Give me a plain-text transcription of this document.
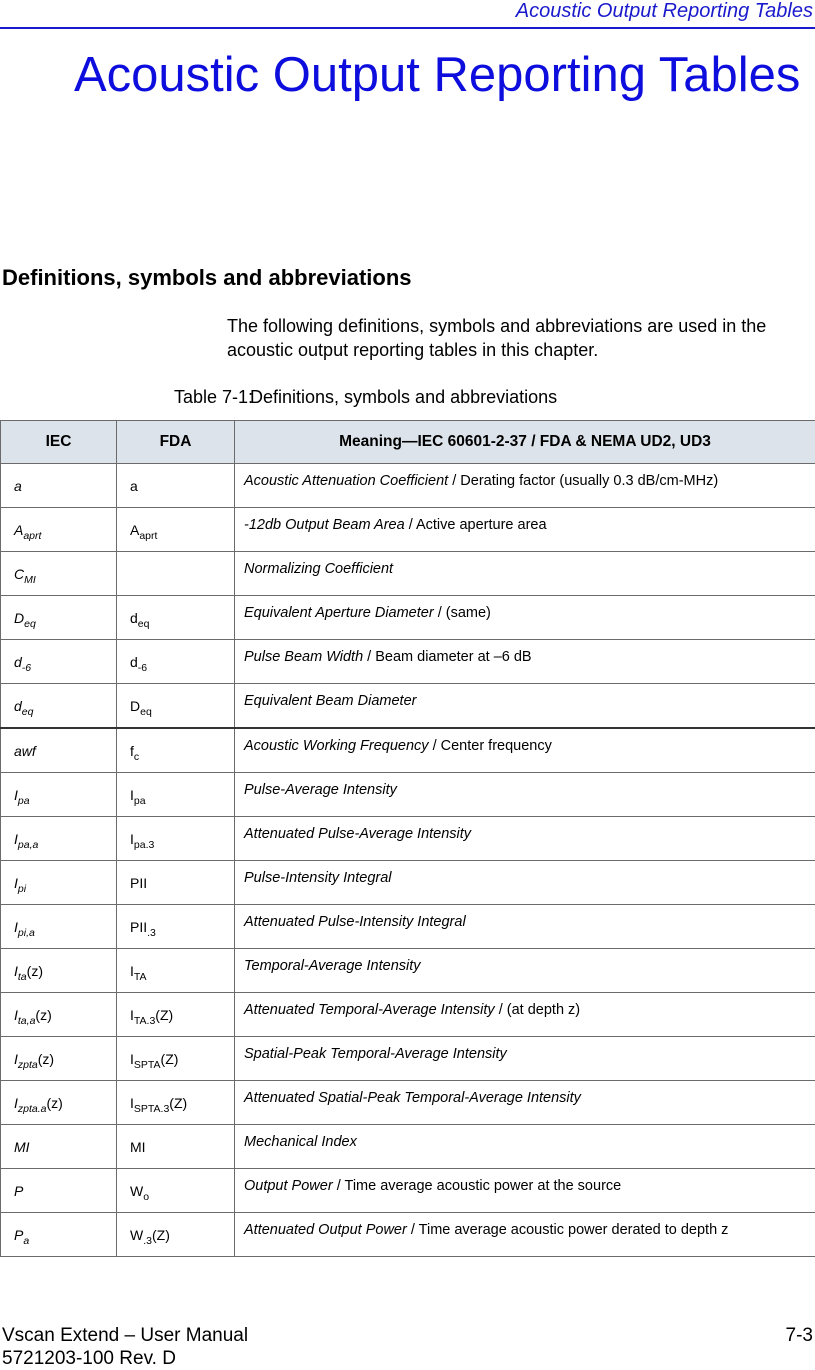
Acoustic Output Reporting Tables
Acoustic Output Reporting Tables
Definitions, symbols and abbreviations

The following definitions, symbols and abbreviations are used in the acoustic output reporting tables in this chapter.

Table 7-1:Definitions, symbols and abbreviations
IEC	FDA	Meaning—IEC 60601-2-37 / FDA & NEMA UD2, UD3

a	a	Acoustic Attenuation Coefficient / Derating factor (usually 0.3 dB/cm-MHz)

$A_{aprt}$	$A_{aprt}$	-12db Output Beam Area / Active aperture area

$C_{MI}$		Normalizing Coefficient

$D_{eq}$	$d_{eq}$	Equivalent Aperture Diameter / (same)

$d_{-6}$	$d_{-6}$	Pulse Beam Width / Beam diameter at –6 dB

$d_{eq}$	$D_{eq}$	Equivalent Beam Diameter

awf	$f_c$	Acoustic Working Frequency / Center frequency

$I_{pa}$	$I_{pa}$	Pulse-Average Intensity

$I_{pa,a}$	$I_{pa.3}$	Attenuated Pulse-Average Intensity

$I_{pi}$	PII	Pulse-Intensity Integral

$I_{pi,a}$	$PII_{.3}$	Attenuated Pulse-Intensity Integral

$I_{ta}(z)$	$I_{TA}$	Temporal-Average Intensity

$I_{ta,a}(z)$	$I_{TA.3}(Z)$	Attenuated Temporal-Average Intensity / (at depth z)

$I_{zpta}(z)$	$I_{SPTA}(Z)$	Spatial-Peak Temporal-Average Intensity

$I_{zpta.a}(z)$	$I_{SPTA.3}(Z)$	Attenuated Spatial-Peak Temporal-Average Intensity

MI	MI	Mechanical Index

P	$W_o$	Output Power / Time average acoustic power at the source

$P_a$	$W_{.3}(Z)$	Attenuated Output Power / Time average acoustic power derated to depth z
Vscan Extend – User Manual	7-3
5721203-100 Rev. D
